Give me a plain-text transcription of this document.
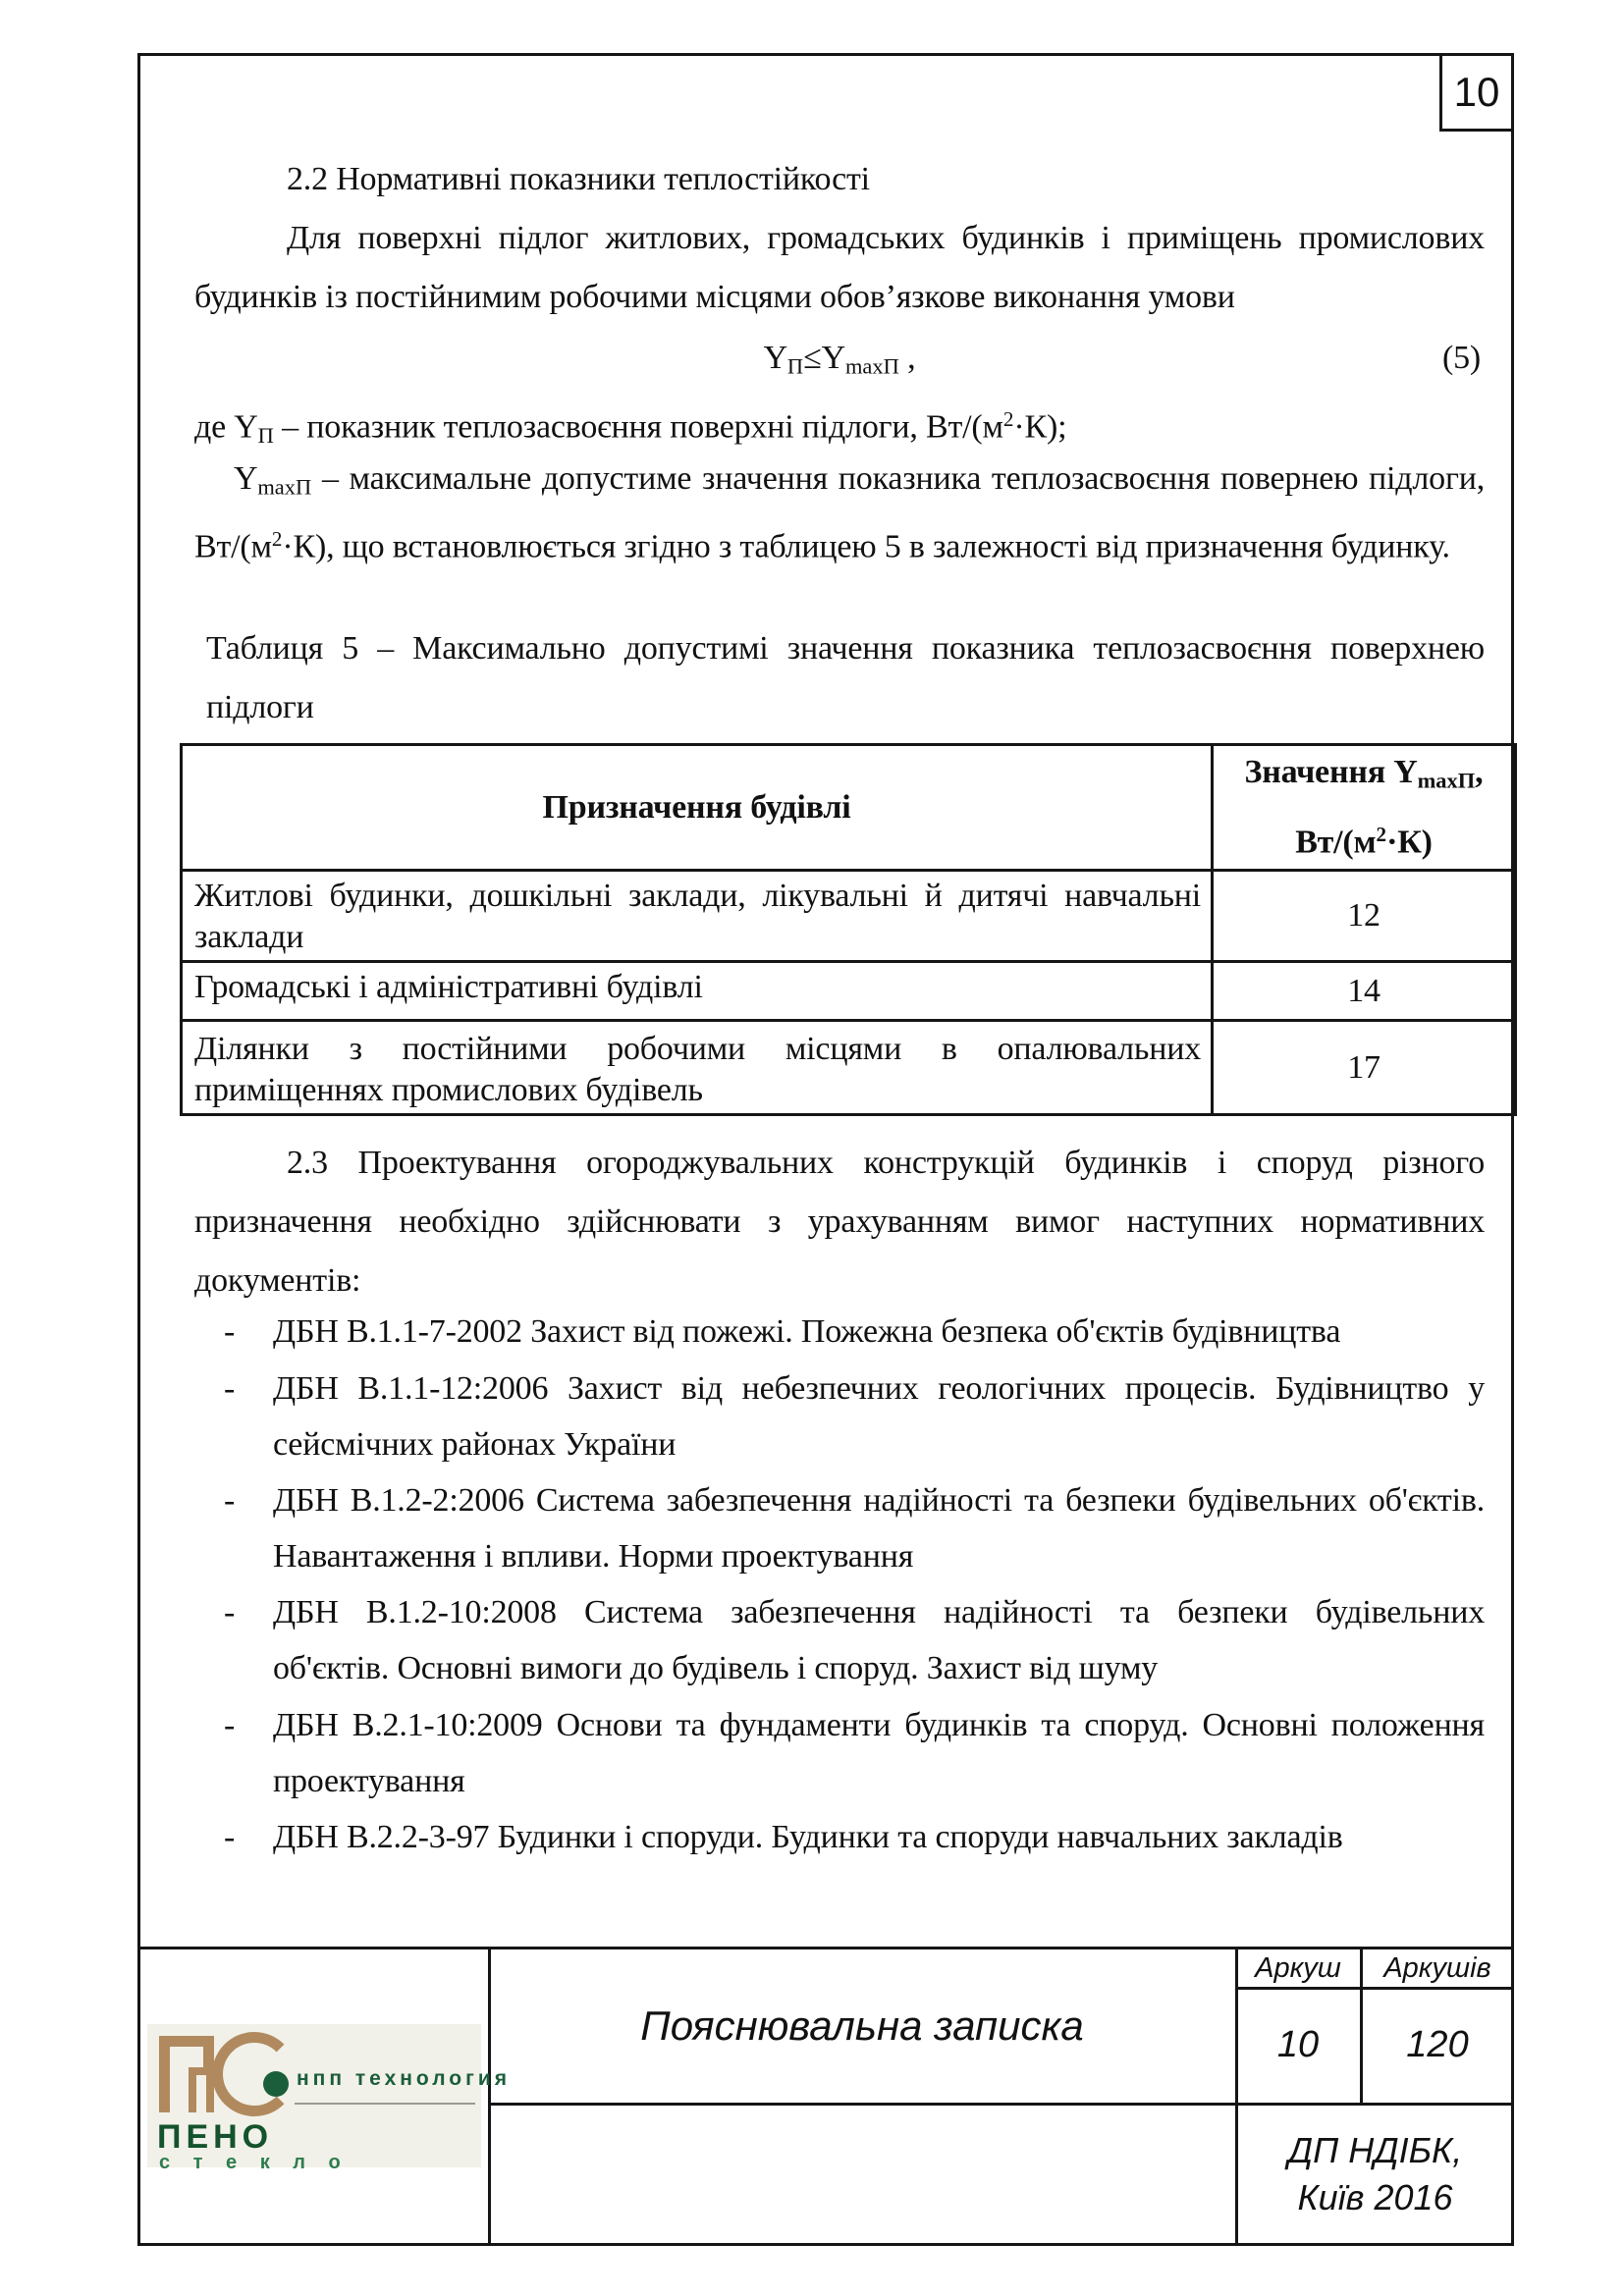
10
2.2 Нормативні показники теплостійкості
Для поверхні підлог житлових, громадських будинків і приміщень промислових
будинків із постійнимим робочими місцями обов’язкове виконання умови
$Y_П\le Y_{maxП}$ ,	(5)
де $Y_П$ – показник теплозасвоєння поверхні підлоги, $Вт/(м^2\cdot К)$;
$Y_{maxП}$ – максимальне допустиме значення показника теплозасвоєння повернею підлоги,
$Вт/(м^2\cdot К)$, що встановлюється згідно з таблицею 5 в залежності від призначення будинку.
Таблиця 5 – Максимально допустимі значення показника теплозасвоєння поверхнею
підлоги
Призначення будівлі	Значення $Y_{maxП}$,
$Вт/(м^2\cdot К)$

Житлові будинки, дошкільні заклади, лікувальні й дитячі навчальні
заклади	12

Громадські і адміністративні будівлі	14

Ділянки з постійними робочими місцями в опалювальних
приміщеннях промислових будівель	17
2.3 Проектування огороджувальних конструкцій будинків і споруд різного
призначення необхідно здійснювати з урахуванням вимог наступних нормативних
документів:
-	ДБН В.1.1-7-2002 Захист від пожежі. Пожежна безпека об'єктів будівництва
-	ДБН В.1.1-12:2006 Захист від небезпечних геологічних процесів. Будівництво у
сейсмічних районах України
-	ДБН В.1.2-2:2006 Система забезпечення надійності та безпеки будівельних об'єктів.
Навантаження і впливи. Норми проектування
-	ДБН В.1.2-10:2008 Система забезпечення надійності та безпеки будівельних
об'єктів. Основні вимоги до будівель і споруд. Захист від шуму
-	ДБН В.2.1-10:2009 Основи та фундаменти будинків та споруд. Основні положення
проектування
-	ДБН В.2.2-3-97 Будинки і споруди. Будинки та споруди навчальних закладів
нпп технология
ПЕНО
с т е к л о
Пояснювальна записка
Аркуш	Аркушів
10	120
ДП НДІБК,
Київ 2016
